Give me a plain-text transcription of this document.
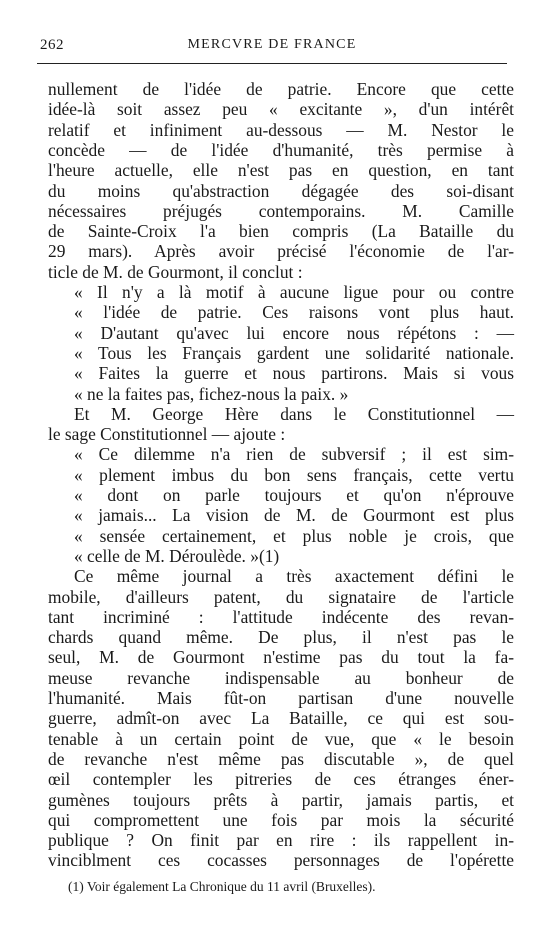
262	MERCVRE DE FRANCE
nullement de l'idée de patrie. Encore que cette
idée-là soit assez peu « excitante », d'un intérêt
relatif et infiniment au-dessous — M. Nestor le
concède — de l'idée d'humanité, très permise à
l'heure actuelle, elle n'est pas en question, en tant
du moins qu'abstraction dégagée des soi-disant
nécessaires préjugés contemporains. M. Camille
de Sainte-Croix l'a bien compris (La Bataille du
29 mars). Après avoir précisé l'économie de l'ar-
ticle de M. de Gourmont, il conclut :
« Il n'y a là motif à aucune ligue pour ou contre
« l'idée de patrie. Ces raisons vont plus haut.
« D'autant qu'avec lui encore nous répétons : —
« Tous les Français gardent une solidarité nationale.
« Faites la guerre et nous partirons. Mais si vous
« ne la faites pas, fichez-nous la paix. »
Et M. George Hère dans le Constitutionnel —
le sage Constitutionnel — ajoute :
« Ce dilemme n'a rien de subversif ; il est sim-
« plement imbus du bon sens français, cette vertu
« dont on parle toujours et qu'on n'éprouve
« jamais... La vision de M. de Gourmont est plus
« sensée certainement, et plus noble je crois, que
« celle de M. Déroulède. »(1)
Ce même journal a très axactement défini le
mobile, d'ailleurs patent, du signataire de l'article
tant incriminé : l'attitude indécente des revan-
chards quand même. De plus, il n'est pas le
seul, M. de Gourmont n'estime pas du tout la fa-
meuse revanche indispensable au bonheur de
l'humanité. Mais fût-on partisan d'une nouvelle
guerre, admît-on avec La Bataille, ce qui est sou-
tenable à un certain point de vue, que « le besoin
de revanche n'est même pas discutable », de quel
œil contempler les pitreries de ces étranges éner-
gumènes toujours prêts à partir, jamais partis, et
qui compromettent une fois par mois la sécurité
publique ? On finit par en rire : ils rappellent in-
vinciblment ces cocasses personnages de l'opérette
(1) Voir également La Chronique du 11 avril (Bruxelles).
